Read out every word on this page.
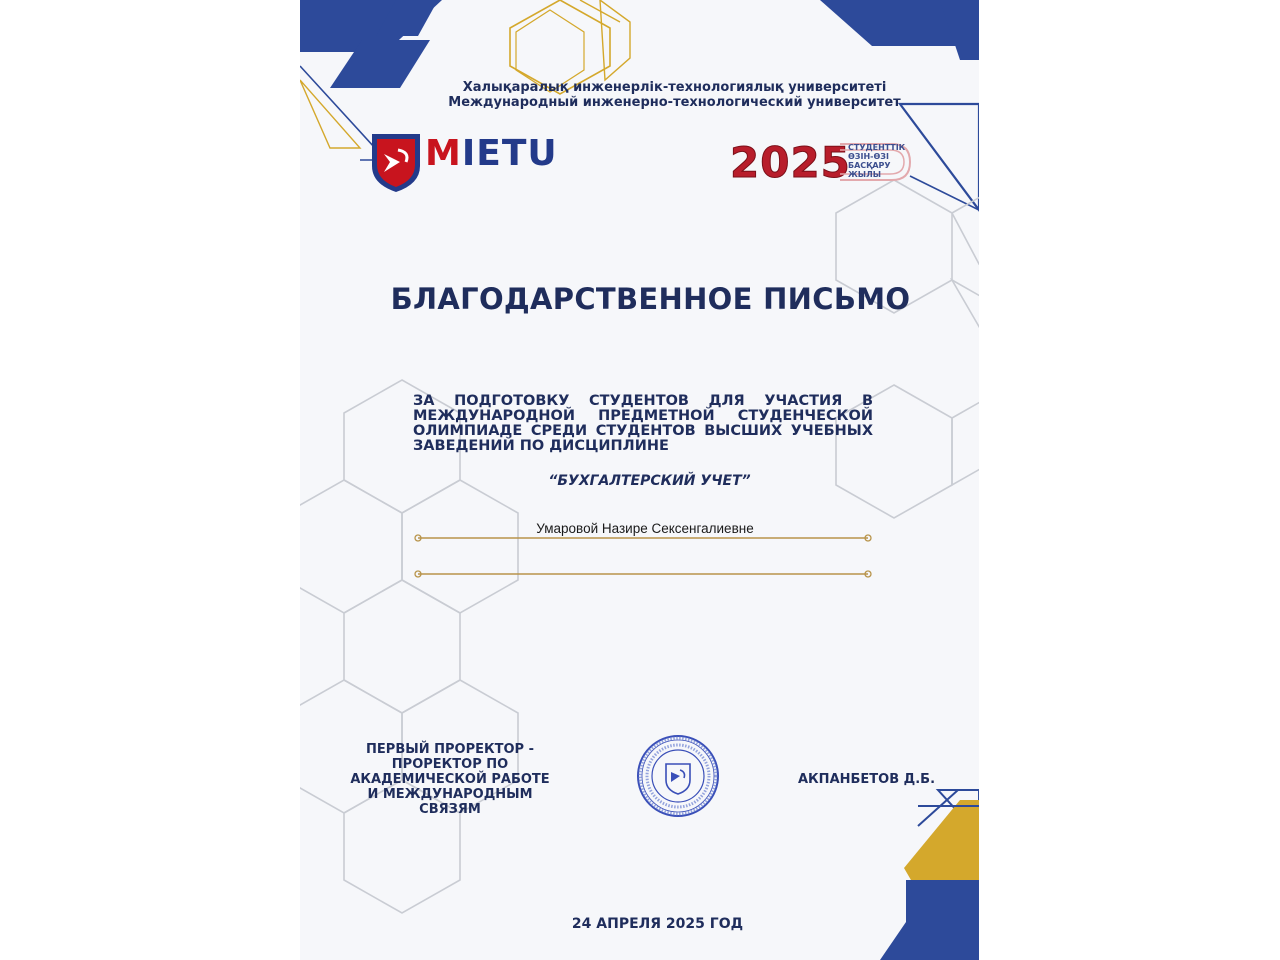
Халықаралық инженерлік-технологиялық университеті
Международный инженерно-технологический университет
MIETU	2025
СТУДЕНТТІК
ӨЗІН-ӨЗІ
БАСҚАРУ
ЖЫЛЫ
БЛАГОДАРСТВЕННОЕ ПИСЬМО
ЗА ПОДГОТОВКУ СТУДЕНТОВ ДЛЯ УЧАСТИЯ В МЕЖДУНАРОДНОЙ ПРЕДМЕТНОЙ СТУДЕНЧЕСКОЙ ОЛИМПИАДЕ СРЕДИ СТУДЕНТОВ ВЫСШИХ УЧЕБНЫХ ЗАВЕДЕНИЙ ПО ДИСЦИПЛИНЕ
“БУХГАЛТЕРСКИЙ УЧЕТ”
Умаровой Назире Сексенгалиевне
ПЕРВЫЙ ПРОРЕКТОР - ПРОРЕКТОР ПО АКАДЕМИЧЕСКОЙ РАБОТЕ И МЕЖДУНАРОДНЫМ СВЯЗЯМ
АКПАНБЕТОВ Д.Б.
24 АПРЕЛЯ 2025 ГОД
